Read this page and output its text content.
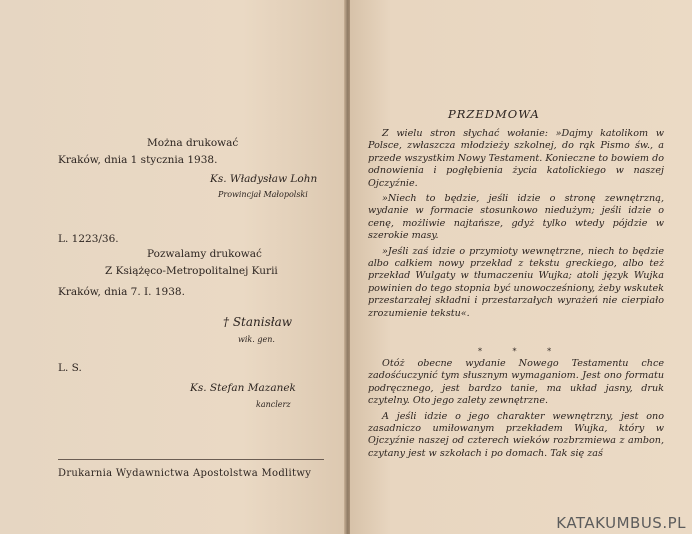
Można drukować
Kraków, dnia 1 stycznia 1938.
Ks. Władysław Lohn
Prowincjał Małopolski
L. 1223/36.
Pozwalamy drukować
Z Książęco-Metropolitalnej Kurii
Kraków, dnia 7. I. 1938.
† Stanisław
wik. gen.
L. S.
Ks. Stefan Mazanek
kanclerz
Drukarnia Wydawnictwa Apostolstwa Modlitwy
PRZEDMOWA

Z wielu stron słychać wołanie: »Dajmy katolikom w Polsce, zwłaszcza młodzieży szkolnej, do rąk Pismo św., a przede wszystkim Nowy Testament. Konieczne to bowiem do odnowienia i pogłębienia życia katolickiego w naszej Ojczyźnie.

»Niech to będzie, jeśli idzie o stronę zewnętrzną, wydanie w formacie stosunkowo niedużym; jeśli idzie o cenę, możliwie najtańsze, gdyż tylko wtedy pójdzie w szerokie masy.

»Jeśli zaś idzie o przymioty wewnętrzne, niech to będzie albo całkiem nowy przekład z tekstu greckiego, albo też przekład Wulgaty w tłumaczeniu Wujka; atoli język Wujka powinien do tego stopnia być unowocześniony, żeby wskutek przestarzałej składni i przestarzałych wyrażeń nie cierpiało zrozumienie tekstu«.

* * *

Otóż obecne wydanie Nowego Testamentu chce zadośćuczynić tym słusznym wymaganiom. Jest ono formatu podręcznego, jest bardzo tanie, ma układ jasny, druk czytelny. Oto jego zalety zewnętrzne.

A jeśli idzie o jego charakter wewnętrzny, jest ono zasadniczo umiłowanym przekładem Wujka, który w Ojczyźnie naszej od czterech wieków rozbrzmiewa z ambon, czytany jest w szkołach i po domach. Tak się zaś

KATAKUMBUS.PL
